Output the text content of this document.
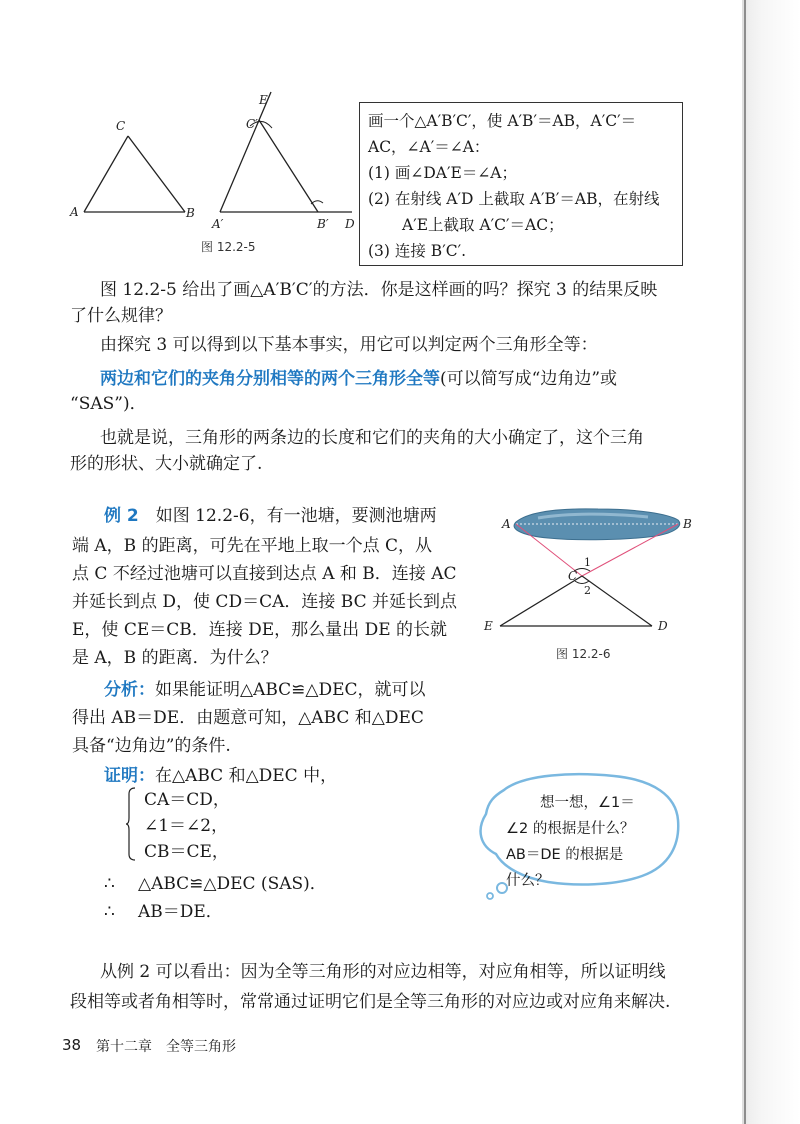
A	B
C
E
C′
A′	B′ D
图 12.2-5
画一个△A′B′C′，使 A′B′＝AB，A′C′＝
AC，∠A′＝∠A：
(1) 画∠DA′E＝∠A；
(2) 在射线 A′D 上截取 A′B′＝AB，在射线
A′E上截取 A′C′＝AC；
(3) 连接 B′C′.
图 12.2-5 给出了画△A′B′C′的方法．你是这样画的吗？探究 3 的结果反映
了什么规律？
由探究 3 可以得到以下基本事实，用它可以判定两个三角形全等：
两边和它们的夹角分别相等的两个三角形全等(可以简写成“边角边”或
“SAS”)．
也就是说，三角形的两条边的长度和它们的夹角的大小确定了，这个三角
形的形状、大小就确定了.
例 2　 如图 12.2-6，有一池塘，要测池塘两
端 A，B 的距离，可先在平地上取一个点 C，从
点 C 不经过池塘可以直接到达点 A 和 B．连接 AC
并延长到点 D，使 CD＝CA．连接 BC 并延长到点
E，使 CE＝CB．连接 DE，那么量出 DE 的长就
是 A，B 的距离．为什么？
A	B
C
E	D
1
2
图 12.2-6
分析：如果能证明△ABC≌△DEC，就可以
得出 AB＝DE．由题意可知，△ABC 和△DEC
具备“边角边”的条件.
证明：在△ABC 和△DEC 中，
CA＝CD，
∠1＝∠2，
CB＝CE，
∴ △ABC≌△DEC (SAS)．
∴ AB＝DE．
想一想，∠1＝
∠2 的根据是什么？
AB＝DE 的根据是
什么？
从例 2 可以看出：因为全等三角形的对应边相等，对应角相等，所以证明线
段相等或者角相等时，常常通过证明它们是全等三角形的对应边或对应角来解决.
38 第十二章　全等三角形
